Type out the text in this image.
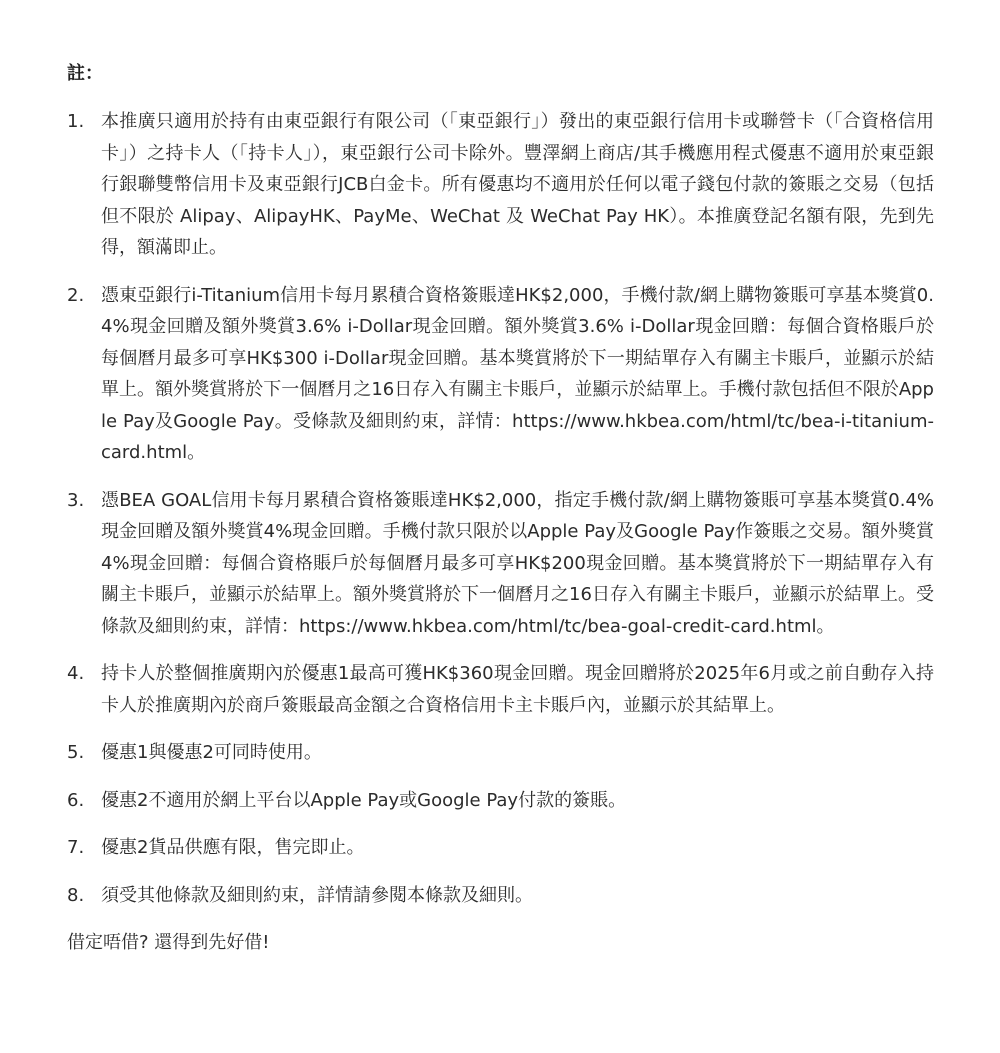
註：
1. 本推廣只適用於持有由東亞銀行有限公司（「東亞銀行」）發出的東亞銀行信用卡或聯營卡（「合資格信用卡」）之持卡人（「持卡人」），東亞銀行公司卡除外。豐澤網上商店/其手機應用程式優惠不適用於東亞銀行銀聯雙幣信用卡及東亞銀行JCB白金卡。所有優惠均不適用於任何以電子錢包付款的簽賬之交易（包括但不限於 Alipay、AlipayHK、PayMe、WeChat 及 WeChat Pay HK）。本推廣登記名額有限，先到先得，額滿即止。
2. 憑東亞銀行i-Titanium信用卡每月累積合資格簽賬達HK$2,000，手機付款/網上購物簽賬可享基本獎賞0.4%現金回贈及額外獎賞3.6% i-Dollar現金回贈。額外獎賞3.6% i-Dollar現金回贈：每個合資格賬戶於每個曆月最多可享HK$300 i-Dollar現金回贈。基本獎賞將於下一期結單存入有關主卡賬戶，並顯示於結單上。額外獎賞將於下一個曆月之16日存入有關主卡賬戶，並顯示於結單上。手機付款包括但不限於Apple Pay及Google Pay。受條款及細則約束，詳情：https://www.hkbea.com/html/tc/bea-i-titanium-card.html。
3. 憑BEA GOAL信用卡每月累積合資格簽賬達HK$2,000，指定手機付款/網上購物簽賬可享基本獎賞0.4%現金回贈及額外獎賞4%現金回贈。手機付款只限於以Apple Pay及Google Pay作簽賬之交易。額外獎賞4%現金回贈：每個合資格賬戶於每個曆月最多可享HK$200現金回贈。基本獎賞將於下一期結單存入有關主卡賬戶，並顯示於結單上。額外獎賞將於下一個曆月之16日存入有關主卡賬戶，並顯示於結單上。受條款及細則約束，詳情：https://www.hkbea.com/html/tc/bea-goal-credit-card.html。
4. 持卡人於整個推廣期內於優惠1最高可獲HK$360現金回贈。現金回贈將於2025年6月或之前自動存入持卡人於推廣期內於商戶簽賬最高金額之合資格信用卡主卡賬戶內，並顯示於其結單上。
5. 優惠1與優惠2可同時使用。
6. 優惠2不適用於網上平台以Apple Pay或Google Pay付款的簽賬。
7. 優惠2貨品供應有限，售完即止。
8. 須受其他條款及細則約束，詳情請參閱本條款及細則。
借定唔借? 還得到先好借!
